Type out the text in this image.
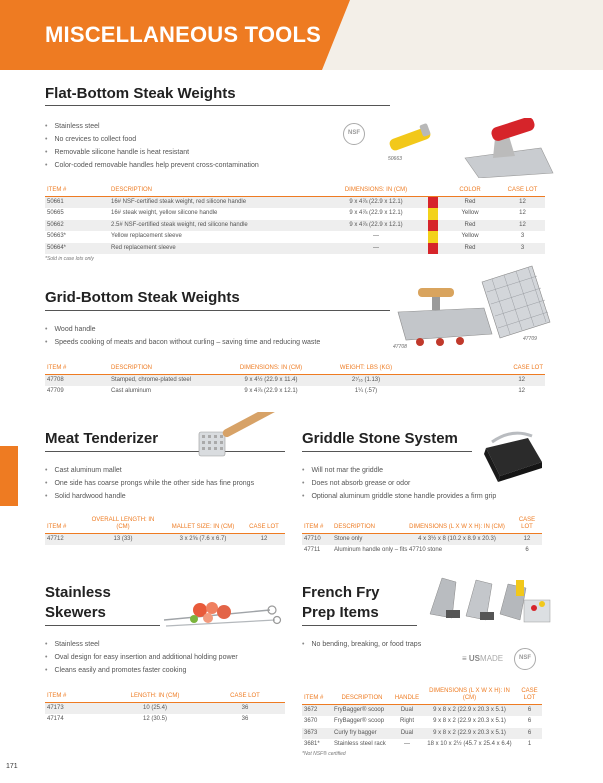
MISCELLANEOUS TOOLS
Flat-Bottom Steak Weights
• Stainless steel
• No crevices to collect food
• Removable silicone handle is heat resistant
• Color-coded removable handles help prevent cross-contamination
NSF
50663
ITEM #	DESCRIPTION	DIMENSIONS: IN (CM)		COLOR	CASE LOT
50661	16# NSF-certified steak weight, red silicone handle	9 x 4⅞ (22.9 x 12.1)		Red	12
50665	16# steak weight, yellow silicone handle	9 x 4⅞ (22.9 x 12.1)		Yellow	12
50662	2.5# NSF-certified steak weight, red silicone handle	9 x 4⅞ (22.9 x 12.1)		Red	12
50663*	Yellow replacement sleeve	—		Yellow	3
50664*	Red replacement sleeve	—		Red	3
*Sold in case lots only
Grid-Bottom Steak Weights
• Wood handle
• Speeds cooking of meats and bacon without curling – saving time and reducing waste
47708
47709
ITEM #	DESCRIPTION	DIMENSIONS: IN (CM)	WEIGHT: LBS (KG)	CASE LOT
47708	Stamped, chrome-plated steel	9 x 4½ (22.9 x 11.4)	2⁷⁄₁₆ (1.13)	12
47709	Cast aluminum	9 x 4⅞ (22.9 x 12.1)	1¼ (.57)	12
Meat Tenderizer
• Cast aluminum mallet
• One side has coarse prongs while the other side has fine prongs
• Solid hardwood handle
ITEM #	OVERALL LENGTH: IN (CM)	MALLET SIZE: IN (CM)	CASE LOT
47712	13 (33)	3 x 2⅝ (7.6 x 6.7)	12
Griddle Stone System
• Will not mar the griddle
• Does not absorb grease or odor
• Optional aluminum griddle stone handle provides a firm grip
ITEM #	DESCRIPTION	DIMENSIONS (L X W X H): IN (CM)	CASE LOT
47710	Stone only	4 x 3½ x 8 (10.2 x 8.9 x 20.3)	12
47711	Aluminum handle only – fits 47710 stone		6
Stainless
Skewers
• Stainless steel
• Oval design for easy insertion and additional holding power
• Cleans easily and promotes faster cooking
ITEM #	LENGTH: IN (CM)	CASE LOT
47173	10 (25.4)	36
47174	12 (30.5)	36
French Fry
Prep Items
• No bending, breaking, or food traps
≡ USMADE	NSF
ITEM #	DESCRIPTION	HANDLE	DIMENSIONS (L X W X H): IN (CM)	CASE LOT
3672	FryBagger® scoop	Dual	9 x 8 x 2 (22.9 x 20.3 x 5.1)	6
3670	FryBagger® scoop	Right	9 x 8 x 2 (22.9 x 20.3 x 5.1)	6
3673	Curly fry bagger	Dual	9 x 8 x 2 (22.9 x 20.3 x 5.1)	6
3681*	Stainless steel rack	—	18 x 10 x 2½ (45.7 x 25.4 x 6.4)	1
*Not NSF® certified
171
